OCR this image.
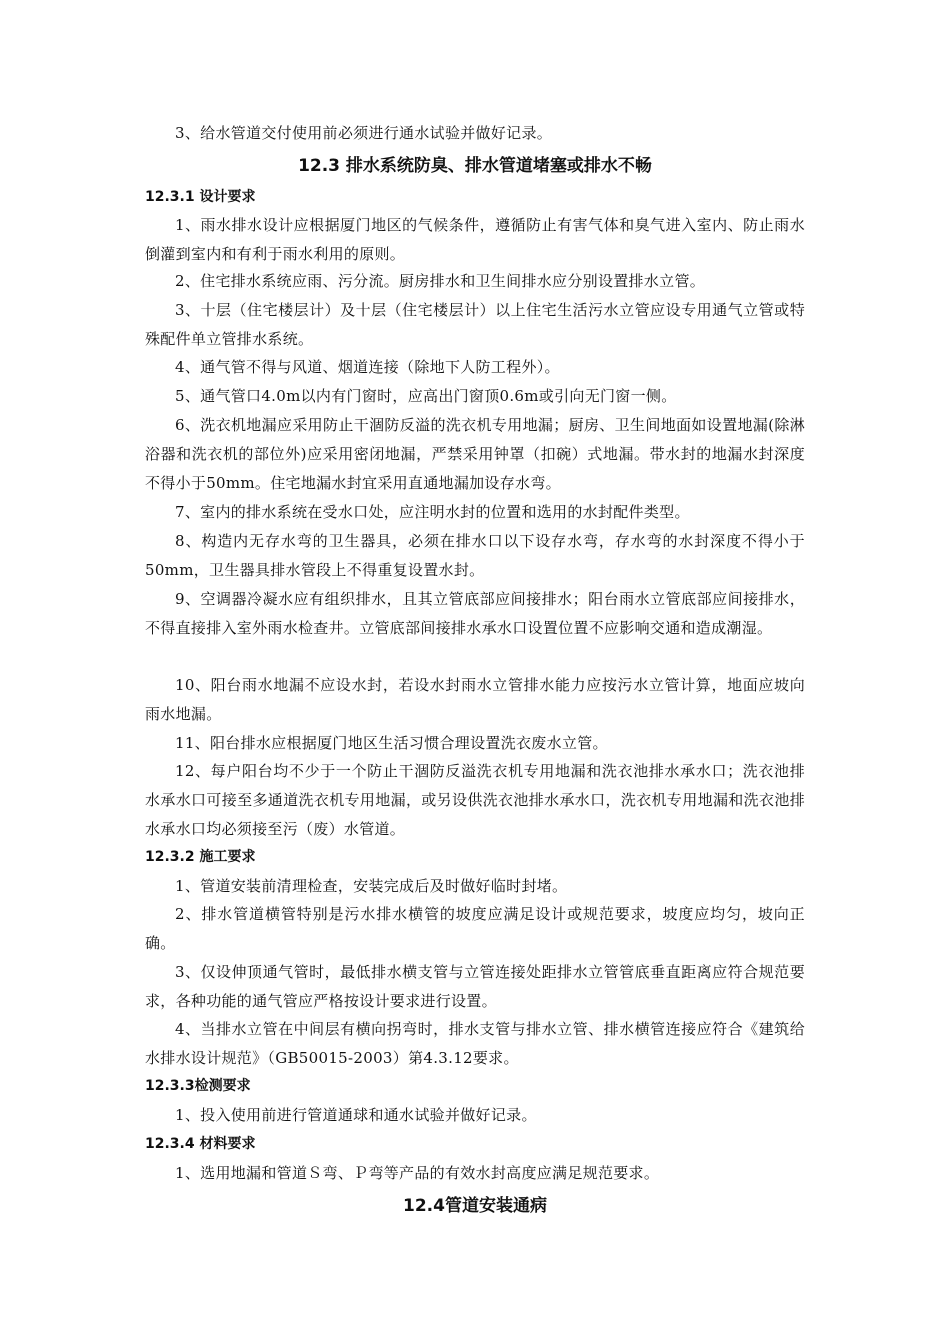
3、给水管道交付使用前必须进行通水试验并做好记录。

12.3 排水系统防臭、排水管道堵塞或排水不畅
12.3.1 设计要求

1、雨水排水设计应根据厦门地区的气候条件，遵循防止有害气体和臭气进入室内、防止雨水倒灌到室内和有利于雨水利用的原则。

2、住宅排水系统应雨、污分流。厨房排水和卫生间排水应分别设置排水立管。

3、十层（住宅楼层计）及十层（住宅楼层计）以上住宅生活污水立管应设专用通气立管或特殊配件单立管排水系统。

4、通气管不得与风道、烟道连接（除地下人防工程外）。

5、通气管口4.0m以内有门窗时，应高出门窗顶0.6m或引向无门窗一侧。

6、洗衣机地漏应采用防止干涸防反溢的洗衣机专用地漏；厨房、卫生间地面如设置地漏(除淋浴器和洗衣机的部位外)应采用密闭地漏，严禁采用钟罩（扣碗）式地漏。带水封的地漏水封深度不得小于50mm。住宅地漏水封宜采用直通地漏加设存水弯。

7、室内的排水系统在受水口处，应注明水封的位置和选用的水封配件类型。

8、构造内无存水弯的卫生器具，必须在排水口以下设存水弯，存水弯的水封深度不得小于50mm，卫生器具排水管段上不得重复设置水封。

9、空调器冷凝水应有组织排水，且其立管底部应间接排水；阳台雨水立管底部应间接排水，不得直接排入室外雨水检查井。立管底部间接排水承水口设置位置不应影响交通和造成潮湿。

10、阳台雨水地漏不应设水封，若设水封雨水立管排水能力应按污水立管计算，地面应坡向雨水地漏。

11、阳台排水应根据厦门地区生活习惯合理设置洗衣废水立管。

12、每户阳台均不少于一个防止干涸防反溢洗衣机专用地漏和洗衣池排水承水口；洗衣池排水承水口可接至多通道洗衣机专用地漏，或另设供洗衣池排水承水口，洗衣机专用地漏和洗衣池排水承水口均必须接至污（废）水管道。

12.3.2 施工要求

1、管道安装前清理检查，安装完成后及时做好临时封堵。

2、排水管道横管特别是污水排水横管的坡度应满足设计或规范要求，坡度应均匀，坡向正确。

3、仅设伸顶通气管时，最低排水横支管与立管连接处距排水立管管底垂直距离应符合规范要求，各种功能的通气管应严格按设计要求进行设置。

4、当排水立管在中间层有横向拐弯时，排水支管与排水立管、排水横管连接应符合《建筑给水排水设计规范》（GB50015-2003）第4.3.12要求。

12.3.3检测要求

1、投入使用前进行管道通球和通水试验并做好记录。

12.3.4 材料要求

1、选用地漏和管道Ｓ弯、Ｐ弯等产品的有效水封高度应满足规范要求。

12.4管道安装通病
